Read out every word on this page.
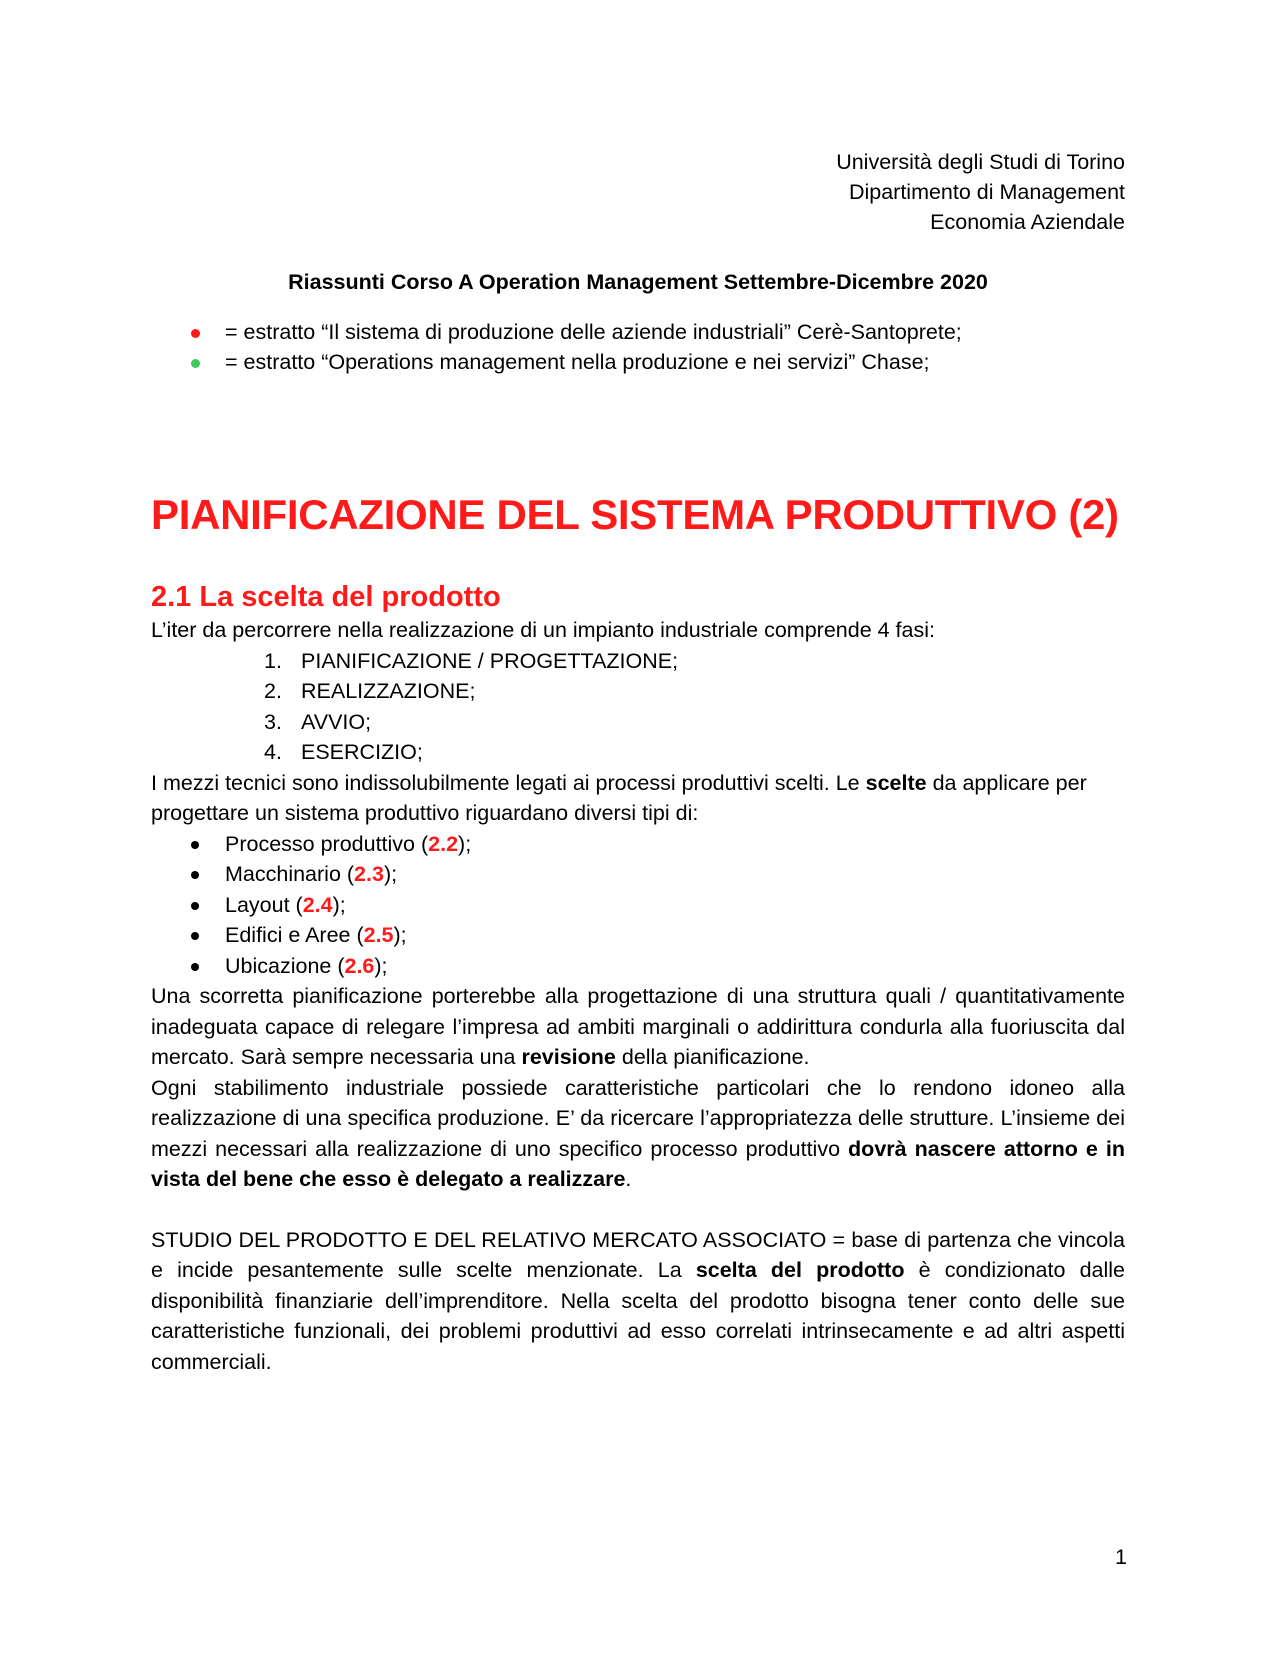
Università degli Studi di Torino
Dipartimento di Management
Economia Aziendale
Riassunti Corso A Operation Management Settembre-Dicembre 2020
= estratto “Il sistema di produzione delle aziende industriali” Cerè-Santoprete;
= estratto “Operations management nella produzione e nei servizi” Chase;
PIANIFICAZIONE DEL SISTEMA PRODUTTIVO (2)
2.1 La scelta del prodotto
L’iter da percorrere nella realizzazione di un impianto industriale comprende 4 fasi:
1. PIANIFICAZIONE / PROGETTAZIONE;
2. REALIZZAZIONE;
3. AVVIO;
4. ESERCIZIO;
I mezzi tecnici sono indissolubilmente legati ai processi produttivi scelti. Le scelte da applicare per progettare un sistema produttivo riguardano diversi tipi di:
Processo produttivo (2.2);
Macchinario (2.3);
Layout (2.4);
Edifici e Aree (2.5);
Ubicazione (2.6);
Una scorretta pianificazione porterebbe alla progettazione di una struttura quali / quantitativamente inadeguata capace di relegare l’impresa ad ambiti marginali o addirittura condurla alla fuoriuscita dal mercato. Sarà sempre necessaria una revisione della pianificazione.
Ogni stabilimento industriale possiede caratteristiche particolari che lo rendono idoneo alla realizzazione di una specifica produzione. E’ da ricercare l’appropriatezza delle strutture. L’insieme dei mezzi necessari alla realizzazione di uno specifico processo produttivo dovrà nascere attorno e in vista del bene che esso è delegato a realizzare.
STUDIO DEL PRODOTTO E DEL RELATIVO MERCATO ASSOCIATO = base di partenza che vincola e incide pesantemente sulle scelte menzionate. La scelta del prodotto è condizionato dalle disponibilità finanziarie dell’imprenditore. Nella scelta del prodotto bisogna tener conto delle sue caratteristiche funzionali, dei problemi produttivi ad esso correlati intrinsecamente e ad altri aspetti commerciali.
1
